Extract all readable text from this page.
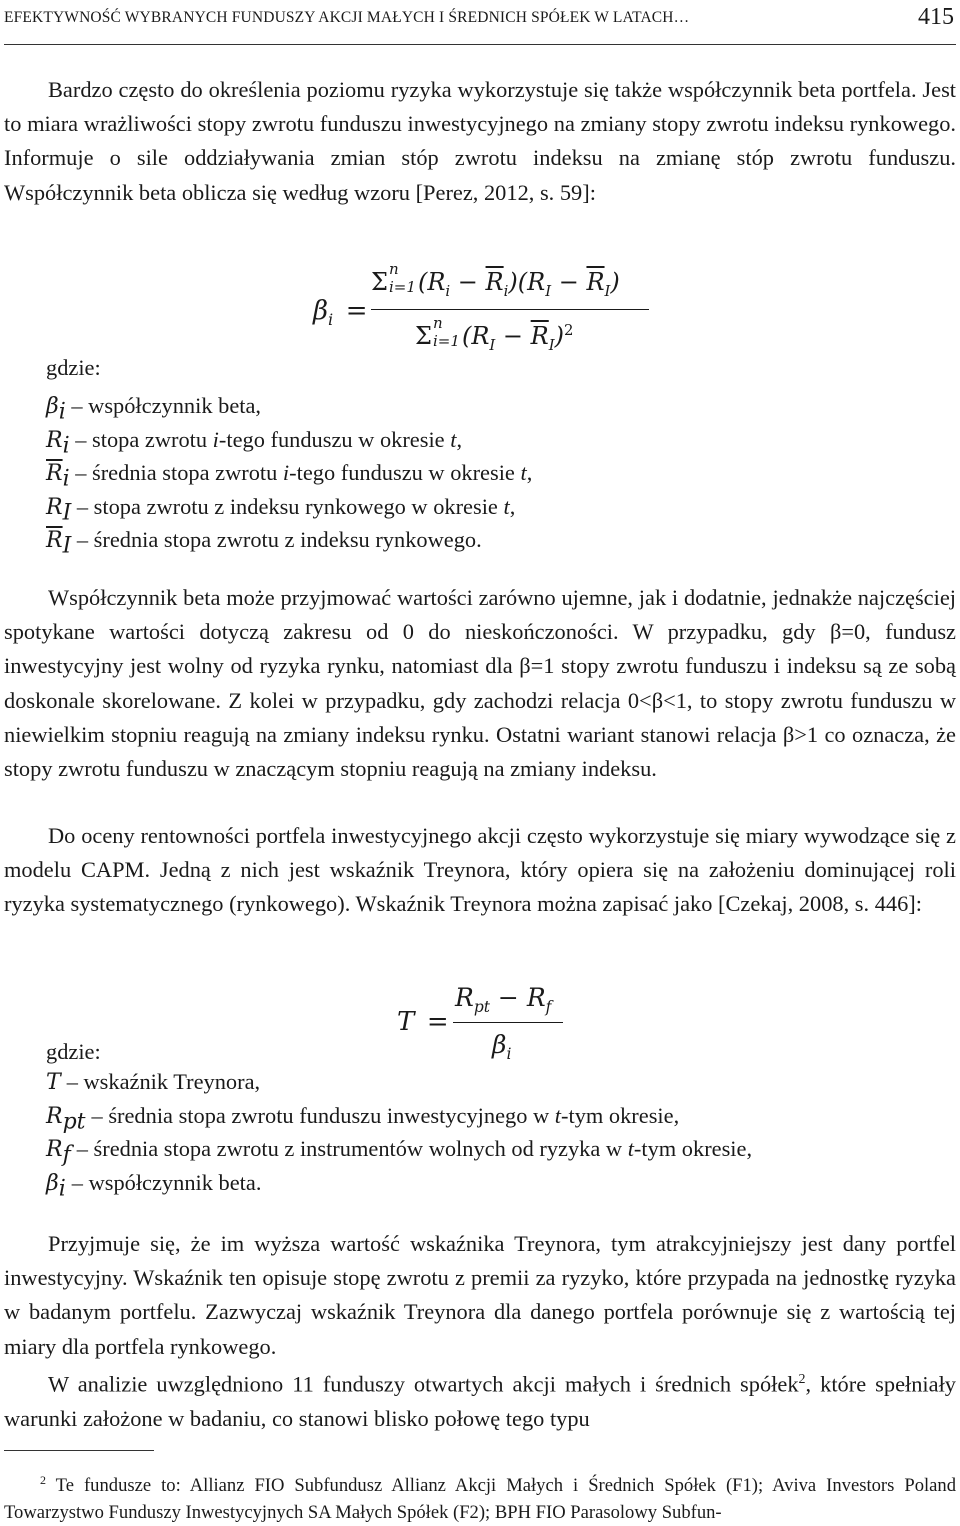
EFEKTYWNOŚĆ WYBRANYCH FUNDUSZY AKCJI MAŁYCH I ŚREDNICH SPÓŁEK W LATACH…	415
Bardzo często do określenia poziomu ryzyka wykorzystuje się także współczynnik beta portfela. Jest to miara wrażliwości stopy zwrotu funduszu inwestycyjnego na zmiany stopy zwrotu indeksu rynkowego. Informuje o sile oddziaływania zmian stóp zwrotu indeksu na zmianę stóp zwrotu funduszu. Współczynnik beta oblicza się według wzoru [Perez, 2012, s. 59]:
$\beta_i$ =
Σ n
i=1 $(R_i - \overline{R}_i)(R_I - \overline{R}_I)$
Σ n
i=1 $(R_I - \overline{R}_I)^2$
gdzie:
$\beta_i$ – współczynnik beta,
$R_i$ – stopa zwrotu i-tego funduszu w okresie t,
$\overline{R}_i$ – średnia stopa zwrotu i-tego funduszu w okresie t,
$R_I$ – stopa zwrotu z indeksu rynkowego w okresie t,
$\overline{R}_I$ – średnia stopa zwrotu z indeksu rynkowego.
Współczynnik beta może przyjmować wartości zarówno ujemne, jak i dodatnie, jednakże najczęściej spotykane wartości dotyczą zakresu od 0 do nieskończoności. W przypadku, gdy β=0, fundusz inwestycyjny jest wolny od ryzyka rynku, natomiast dla β=1 stopy zwrotu funduszu i indeksu są ze sobą doskonale skorelowane. Z kolei w przypadku, gdy zachodzi relacja 0<β<1, to stopy zwrotu funduszu w niewielkim stopniu reagują na zmiany indeksu rynku. Ostatni wariant stanowi relacja β>1 co oznacza, że stopy zwrotu funduszu w znaczącym stopniu reagują na zmiany indeksu.
Do oceny rentowności portfela inwestycyjnego akcji często wykorzystuje się miary wywodzące się z modelu CAPM. Jedną z nich jest wskaźnik Treynora, który opiera się na założeniu dominującej roli ryzyka systematycznego (rynkowego). Wskaźnik Treynora można zapisać jako [Czekaj, 2008, s. 446]:
T =
$R_{pt} - R_f$
$\beta_i$
gdzie:
T – wskaźnik Treynora,
$R_{pt}$ – średnia stopa zwrotu funduszu inwestycyjnego w t-tym okresie,
$R_f$ – średnia stopa zwrotu z instrumentów wolnych od ryzyka w t-tym okresie,
$\beta_i$ – współczynnik beta.
Przyjmuje się, że im wyższa wartość wskaźnika Treynora, tym atrakcyjniejszy jest dany portfel inwestycyjny. Wskaźnik ten opisuje stopę zwrotu z premii za ryzyko, które przypada na jednostkę ryzyka w badanym portfelu. Zazwyczaj wskaźnik Treynora dla danego portfela porównuje się z wartością tej miary dla portfela rynkowego.
W analizie uwzględniono 11 funduszy otwartych akcji małych i średnich spółek$^2$, które spełniały warunki założone w badaniu, co stanowi blisko połowę tego typu
$^2$ Te fundusze to: Allianz FIO Subfundusz Allianz Akcji Małych i Średnich Spółek (F1); Aviva Investors Poland Towarzystwo Funduszy Inwestycyjnych SA Małych Spółek (F2); BPH FIO Parasolowy Subfun-
